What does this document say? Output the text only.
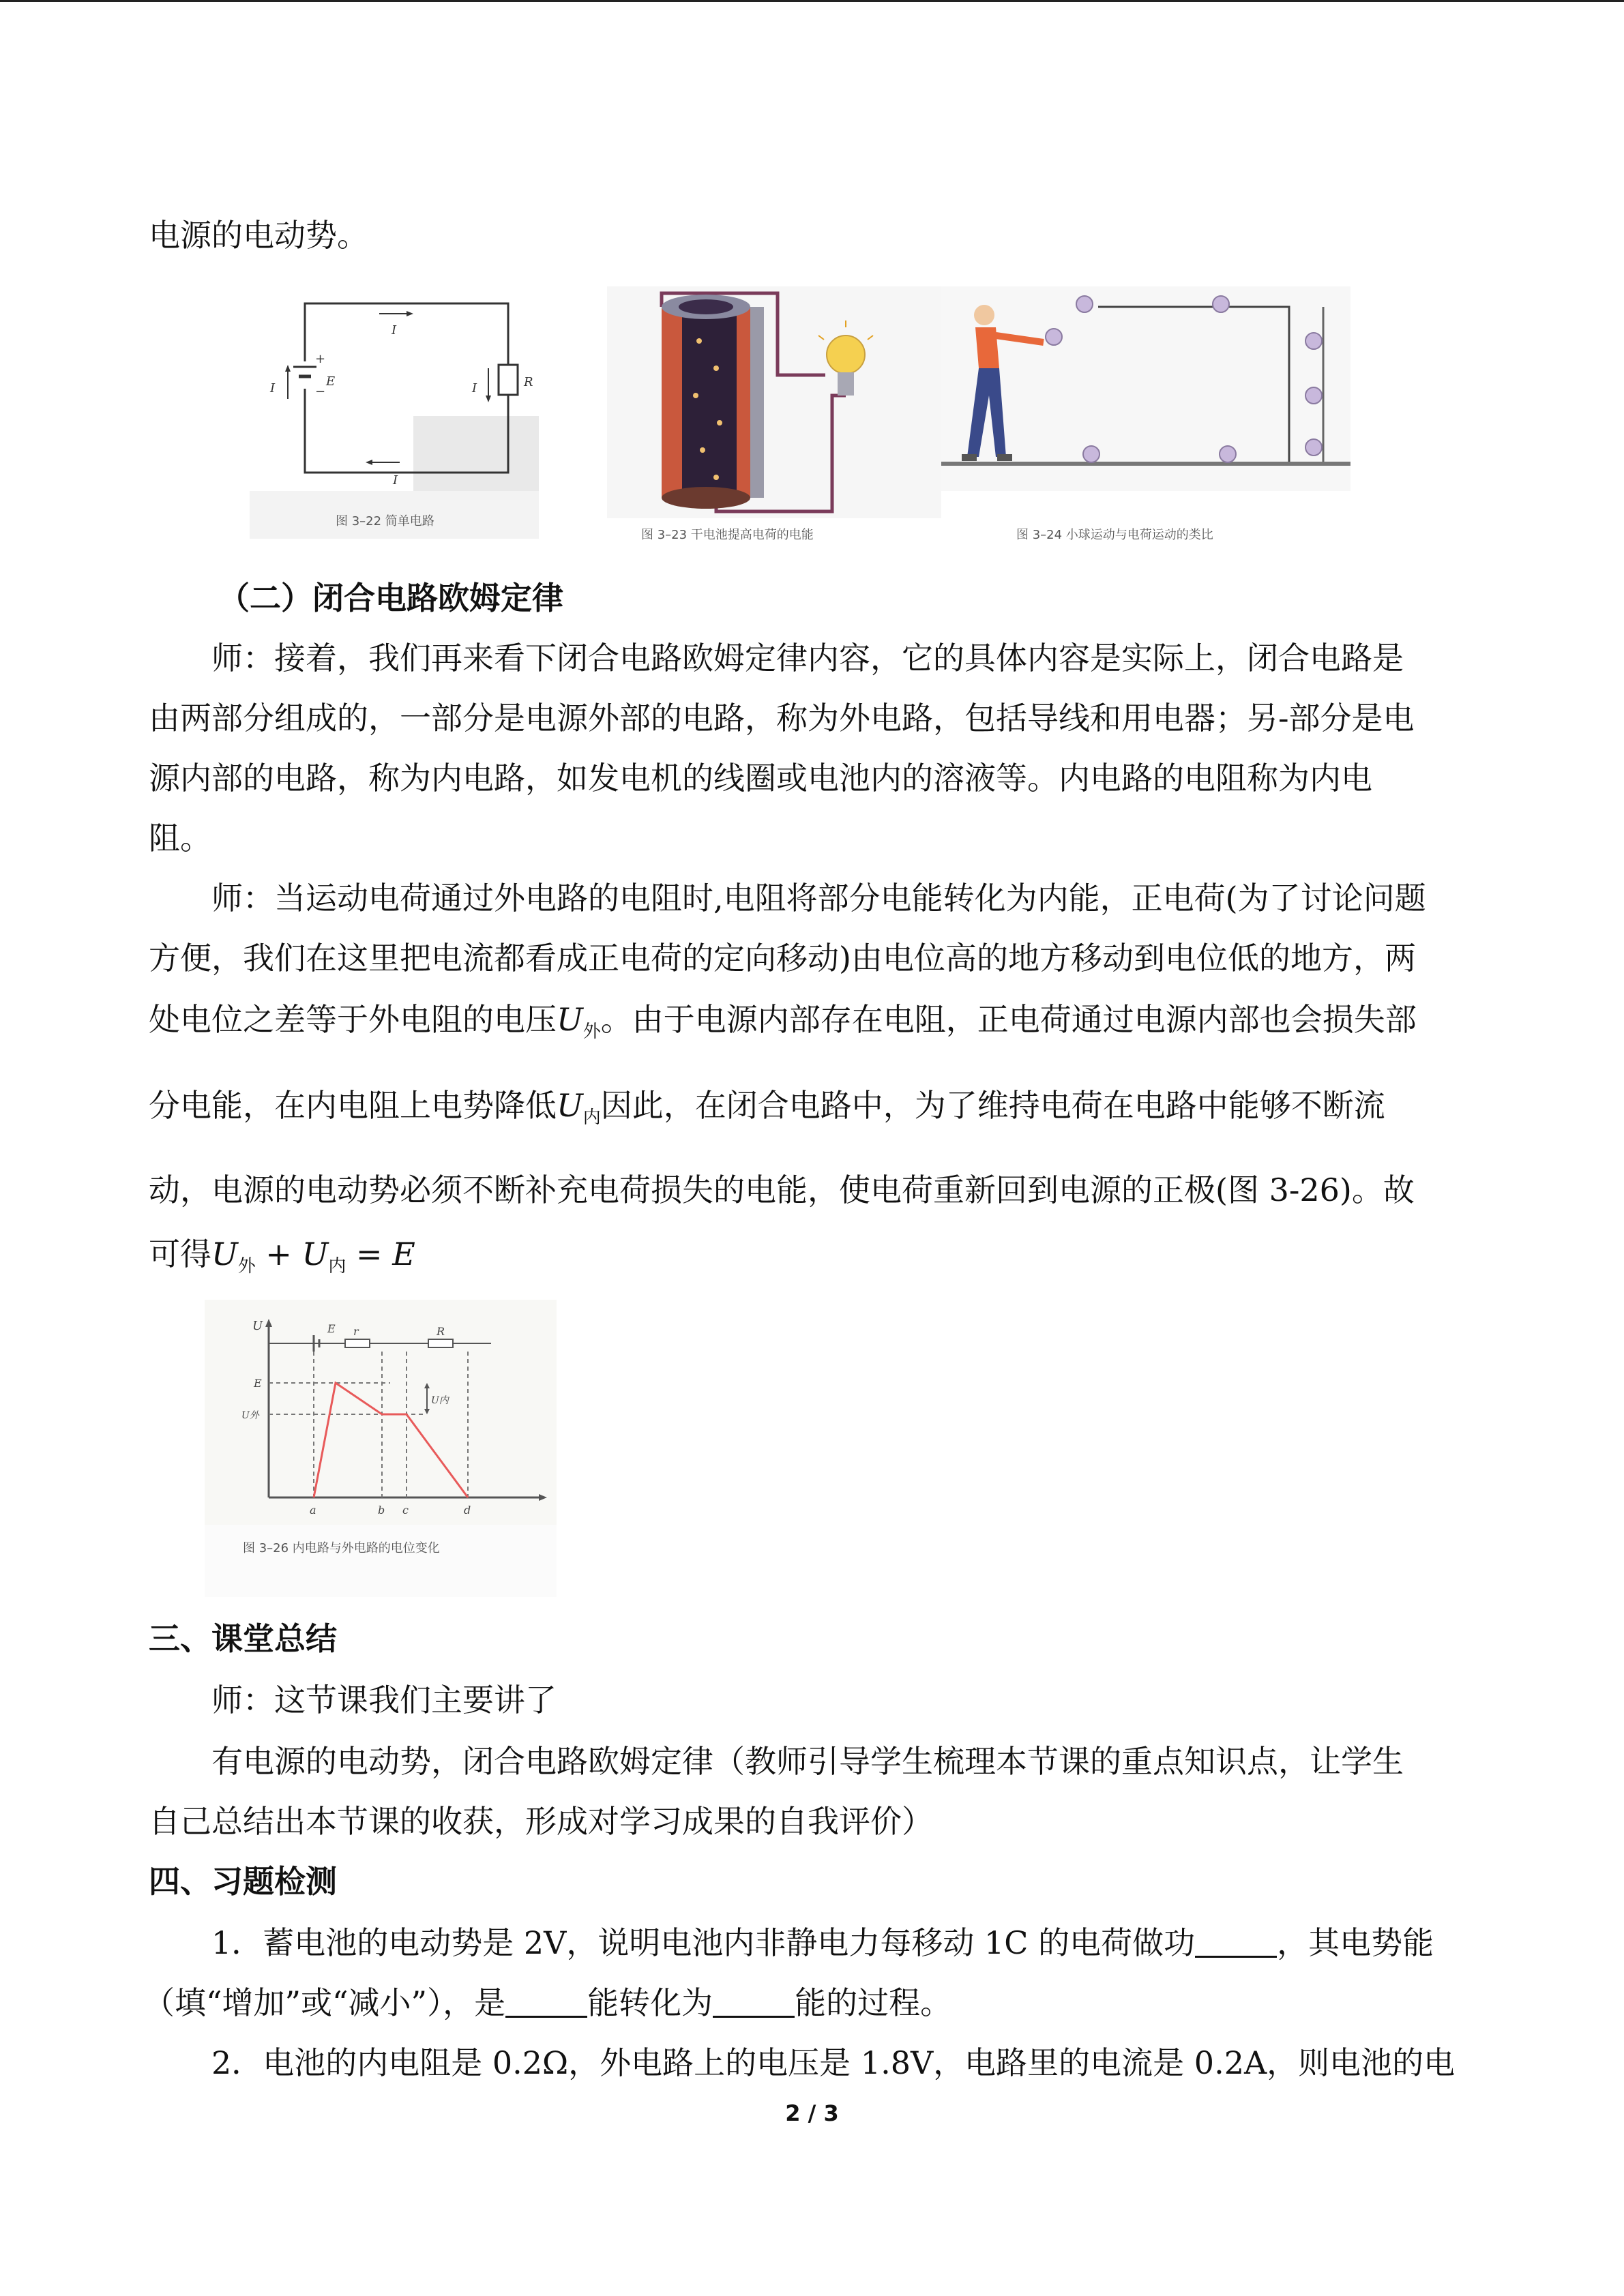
电源的电动势。

I
I
I	I
E	R
+
−
图 3–22 简单电路
图 3–23 干电池提高电荷的电能	图 3–24 小球运动与电荷运动的类比

（二）闭合电路欧姆定律

师：接着，我们再来看下闭合电路欧姆定律内容，它的具体内容是实际上，闭合电路是

由两部分组成的，一部分是电源外部的电路，称为外电路，包括导线和用电器；另-部分是电

源内部的电路，称为内电路，如发电机的线圈或电池内的溶液等。内电路的电阻称为内电

阻。

师：当运动电荷通过外电路的电阻时,电阻将部分电能转化为内能，正电荷(为了讨论问题

方便，我们在这里把电流都看成正电荷的定向移动)由电位高的地方移动到电位低的地方，两

处电位之差等于外电阻的电压$U_外$。由于电源内部存在电阻，正电荷通过电源内部也会损失部

分电能，在内电阻上电势降低$U_内$因此，在闭合电路中，为了维持电荷在电路中能够不断流

动，电源的电动势必须不断补充电荷损失的电能，使电荷重新回到电源的正极(图 3-26)。故

可得$U_外 + U_内 = E$

U	E r	R
E
U外
U内
a	b c	d
图 3–26 内电路与外电路的电位变化

三、课堂总结

师：这节课我们主要讲了

有电源的电动势，闭合电路欧姆定律（教师引导学生梳理本节课的重点知识点，让学生

自己总结出本节课的收获，形成对学习成果的自我评价）

四、习题检测

1．蓄电池的电动势是 2V，说明电池内非静电力每移动 1C 的电荷做功	，其电势能

（填“增加”或“减小”），是	能转化为	能的过程。

2．电池的内电阻是 0.2Ω，外电路上的电压是 1.8V，电路里的电流是 0.2A，则电池的电

2 / 3
